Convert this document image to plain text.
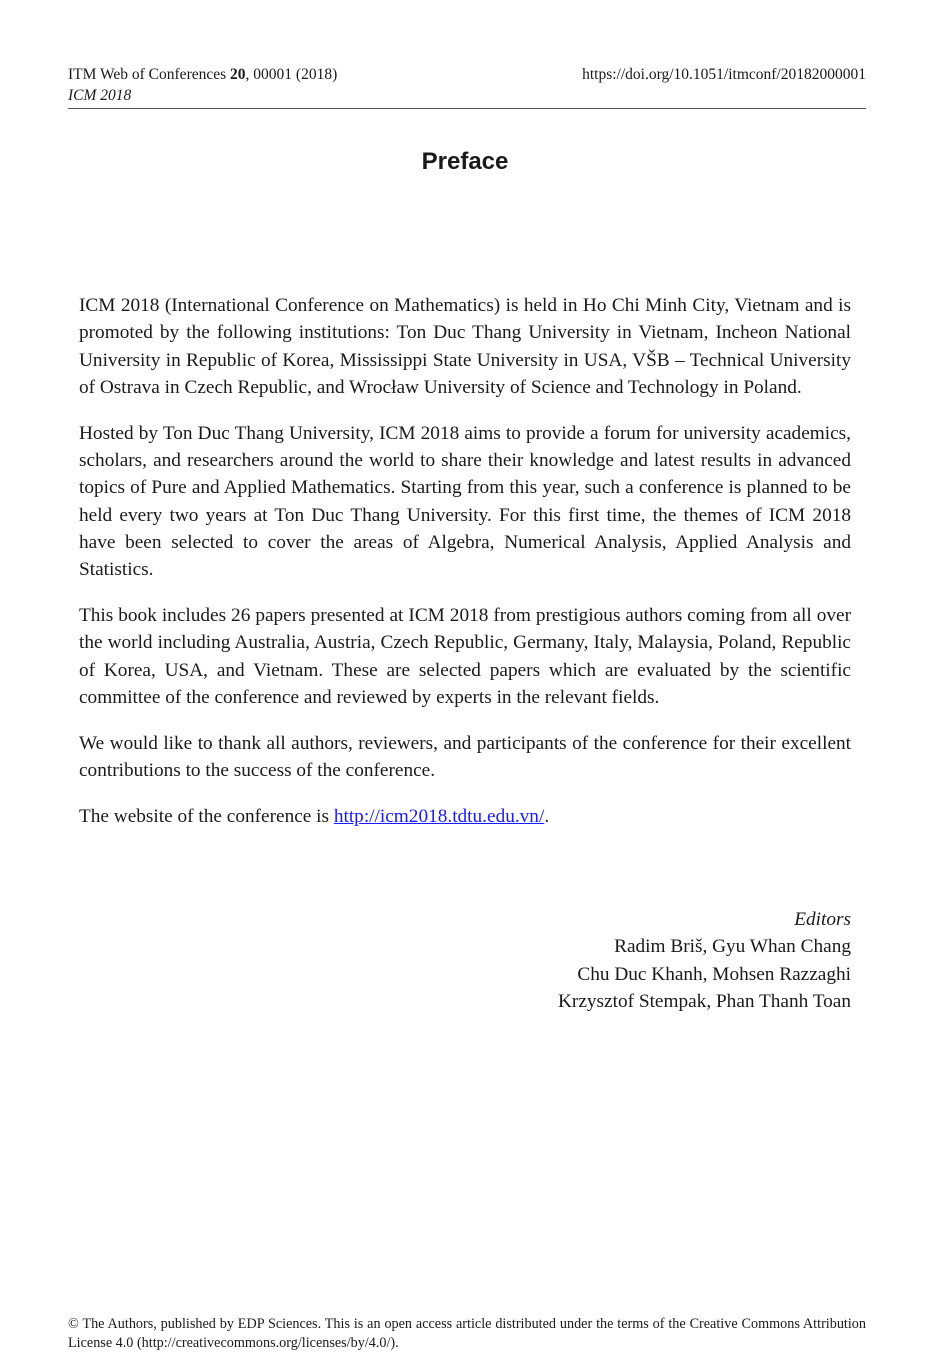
ITM Web of Conferences 20, 00001 (2018)	https://doi.org/10.1051/itmconf/20182000001
ICM 2018
Preface

ICM 2018 (International Conference on Mathematics) is held in Ho Chi Minh City, Vietnam and is promoted by the following institutions: Ton Duc Thang University in Vietnam, Incheon National University in Republic of Korea, Mississippi State University in USA, VŠB – Technical University of Ostrava in Czech Republic, and Wrocław University of Science and Technology in Poland.

Hosted by Ton Duc Thang University, ICM 2018 aims to provide a forum for university academics, scholars, and researchers around the world to share their knowledge and latest results in advanced topics of Pure and Applied Mathematics. Starting from this year, such a conference is planned to be held every two years at Ton Duc Thang University. For this first time, the themes of ICM 2018 have been selected to cover the areas of Algebra, Numerical Analysis, Applied Analysis and Statistics.

This book includes 26 papers presented at ICM 2018 from prestigious authors coming from all over the world including Australia, Austria, Czech Republic, Germany, Italy, Malaysia, Poland, Republic of Korea, USA, and Vietnam. These are selected papers which are evaluated by the scientific committee of the conference and reviewed by experts in the relevant fields.

We would like to thank all authors, reviewers, and participants of the conference for their excellent contributions to the success of the conference.

The website of the conference is http://icm2018.tdtu.edu.vn/.

Editors
Radim Briš, Gyu Whan Chang
Chu Duc Khanh, Mohsen Razzaghi
Krzysztof Stempak, Phan Thanh Toan
© The Authors, published by EDP Sciences. This is an open access article distributed under the terms of the Creative Commons Attribution License 4.0 (http://creativecommons.org/licenses/by/4.0/).
